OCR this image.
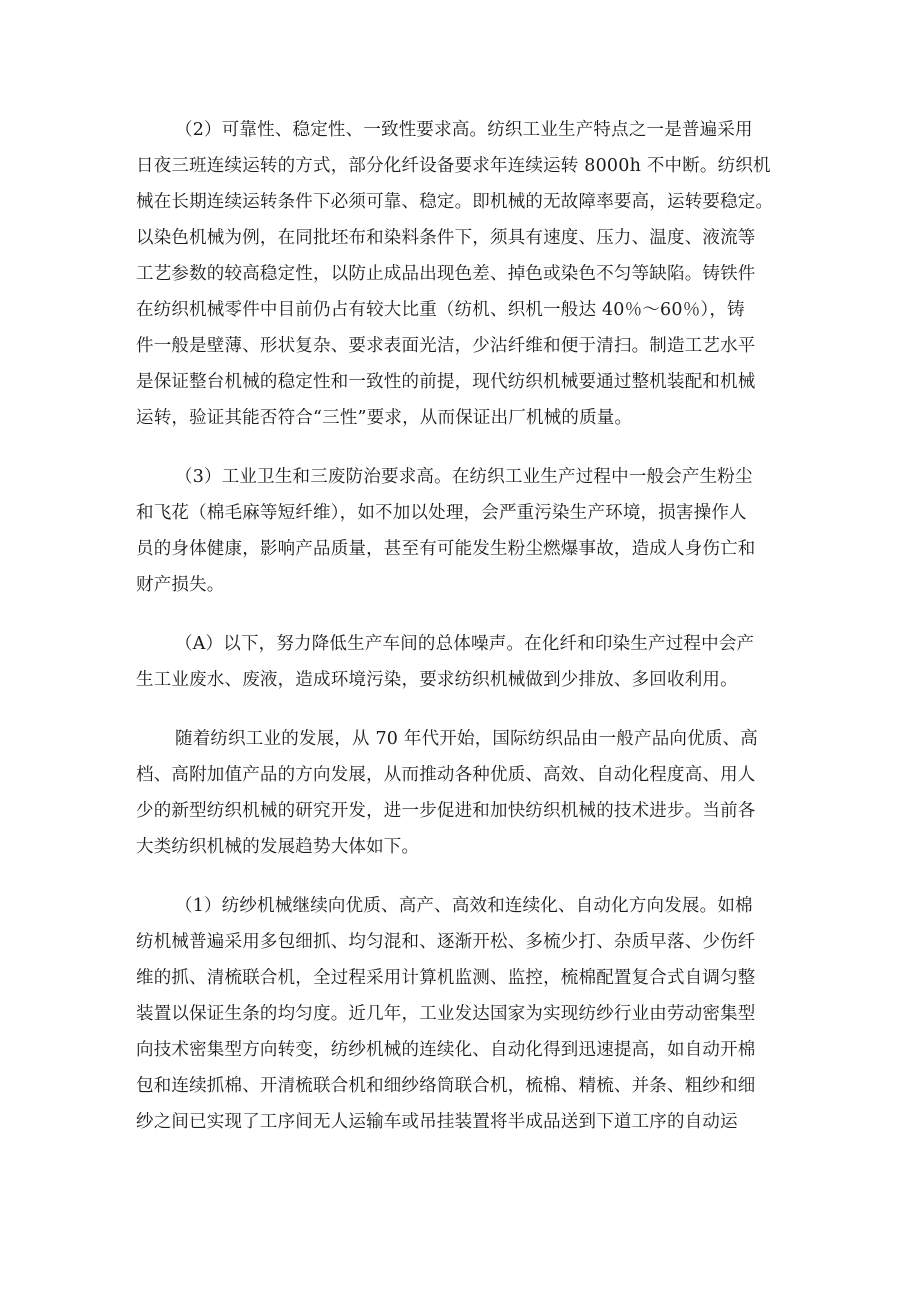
（2）可靠性、稳定性、一致性要求高。纺织工业生产特点之一是普遍采用
日夜三班连续运转的方式，部分化纤设备要求年连续运转 8000h 不中断。纺织机
械在长期连续运转条件下必须可靠、稳定。即机械的无故障率要高，运转要稳定。
以染色机械为例，在同批坯布和染料条件下，须具有速度、压力、温度、液流等
工艺参数的较高稳定性，以防止成品出现色差、掉色或染色不匀等缺陷。铸铁件
在纺织机械零件中目前仍占有较大比重（纺机、织机一般达 40％～60％），铸
件一般是壁薄、形状复杂、要求表面光洁，少沾纤维和便于清扫。制造工艺水平
是保证整台机械的稳定性和一致性的前提，现代纺织机械要通过整机装配和机械
运转，验证其能否符合“三性”要求，从而保证出厂机械的质量。
（3）工业卫生和三废防治要求高。在纺织工业生产过程中一般会产生粉尘
和飞花（棉毛麻等短纤维），如不加以处理，会严重污染生产环境，损害操作人
员的身体健康，影响产品质量，甚至有可能发生粉尘燃爆事故，造成人身伤亡和
财产损失。
（A）以下，努力降低生产车间的总体噪声。在化纤和印染生产过程中会产
生工业废水、废液，造成环境污染，要求纺织机械做到少排放、多回收利用。
随着纺织工业的发展，从 70 年代开始，国际纺织品由一般产品向优质、高
档、高附加值产品的方向发展，从而推动各种优质、高效、自动化程度高、用人
少的新型纺织机械的研究开发，进一步促进和加快纺织机械的技术进步。当前各
大类纺织机械的发展趋势大体如下。
（1）纺纱机械继续向优质、高产、高效和连续化、自动化方向发展。如棉
纺机械普遍采用多包细抓、均匀混和、逐渐开松、多梳少打、杂质早落、少伤纤
维的抓、清梳联合机，全过程采用计算机监测、监控，梳棉配置复合式自调匀整
装置以保证生条的均匀度。近几年，工业发达国家为实现纺纱行业由劳动密集型
向技术密集型方向转变，纺纱机械的连续化、自动化得到迅速提高，如自动开棉
包和连续抓棉、开清梳联合机和细纱络筒联合机，梳棉、精梳、并条、粗纱和细
纱之间已实现了工序间无人运输车或吊挂装置将半成品送到下道工序的自动运
